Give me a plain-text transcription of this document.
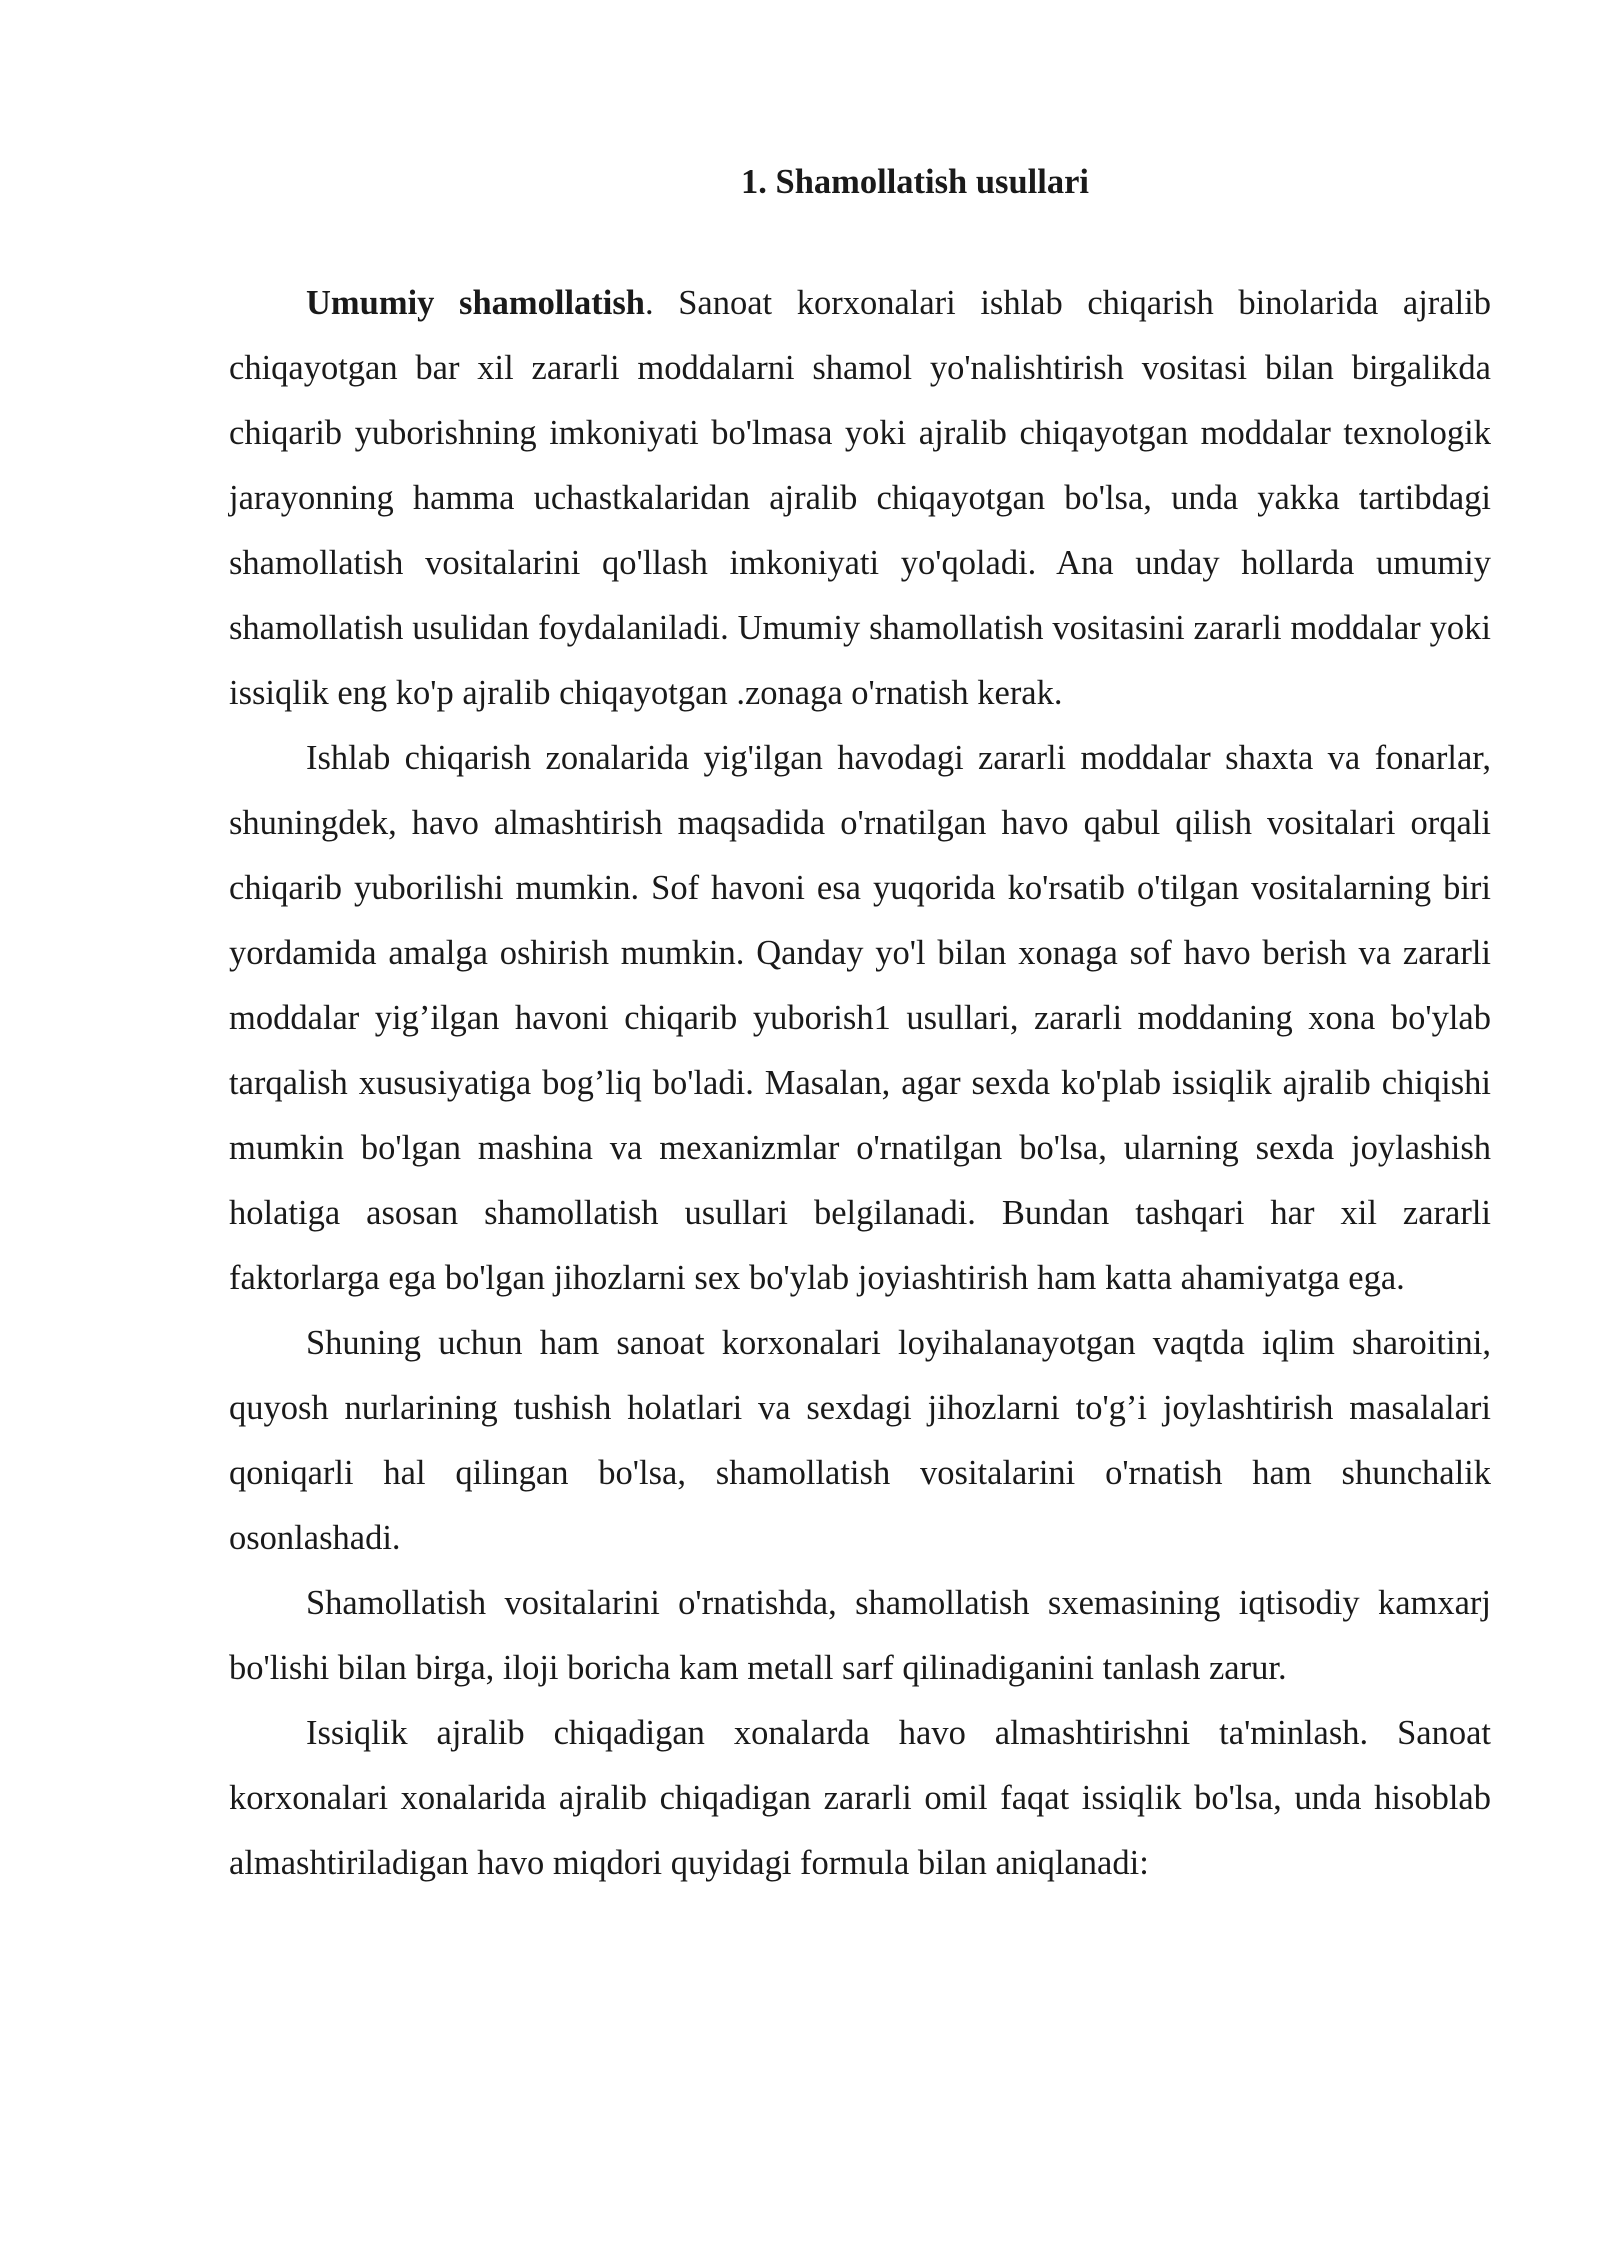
1. Shamollatish usullari

Umumiy shamollatish. Sanoat korxonalari ishlab chiqarish binolarida ajralib chiqayotgan bar xil zararli moddalarni shamol yo'nalishtirish vositasi bilan birgalikda chiqarib yuborishning imkoniyati bo'lmasa yoki ajralib chiqayotgan moddalar texnologik jarayonning hamma uchastkalaridan ajralib chiqayotgan bo'lsa, unda yakka tartibdagi shamollatish vositalarini qo'llash imkoniyati yo'qoladi. Ana unday hollarda umumiy shamollatish usulidan foydalaniladi. Umumiy shamollatish vositasini zararli moddalar yoki issiqlik eng ko'p ajralib chiqayotgan .zonaga o'rnatish kerak.

Ishlab chiqarish zonalarida yig'ilgan havodagi zararli moddalar shaxta va fonarlar, shuningdek, havo almashtirish maqsadida o'rnatilgan havo qabul qilish vositalari orqali chiqarib yuborilishi mumkin. Sof havoni esa yuqorida ko'rsatib o'tilgan vositalarning biri yordamida amalga oshirish mumkin. Qanday yo'l bilan xonaga sof havo berish va zararli moddalar yig’ilgan havoni chiqarib yuborish1 usullari, zararli moddaning xona bo'ylab tarqalish xususiyatiga bog’liq bo'ladi. Masalan, agar sexda ko'plab issiqlik ajralib chiqishi mumkin bo'lgan mashina va mexanizmlar o'rnatilgan bo'lsa, ularning sexda joylashish holatiga asosan shamollatish usullari belgilanadi. Bundan tashqari har xil zararli faktorlarga ega bo'lgan jihozlarni sex bo'ylab joyiashtirish ham katta ahamiyatga ega.

Shuning uchun ham sanoat korxonalari loyihalanayotgan vaqtda iqlim sharoitini, quyosh nurlarining tushish holatlari va sexdagi jihozlarni to'g’i joylashtirish masalalari qoniqarli hal qilingan bo'lsa, shamollatish vositalarini o'rnatish ham shunchalik osonlashadi.

Shamollatish vositalarini o'rnatishda, shamollatish sxemasining iqtisodiy kamxarj bo'lishi bilan birga, iloji boricha kam metall sarf qilinadiganini tanlash zarur.

Issiqlik ajralib chiqadigan xonalarda havo almashtirishni ta'minlash. Sanoat korxonalari xonalarida ajralib chiqadigan zararli omil faqat issiqlik bo'lsa, unda hisoblab almashtiriladigan havo miqdori quyidagi formula bilan aniqlanadi:
